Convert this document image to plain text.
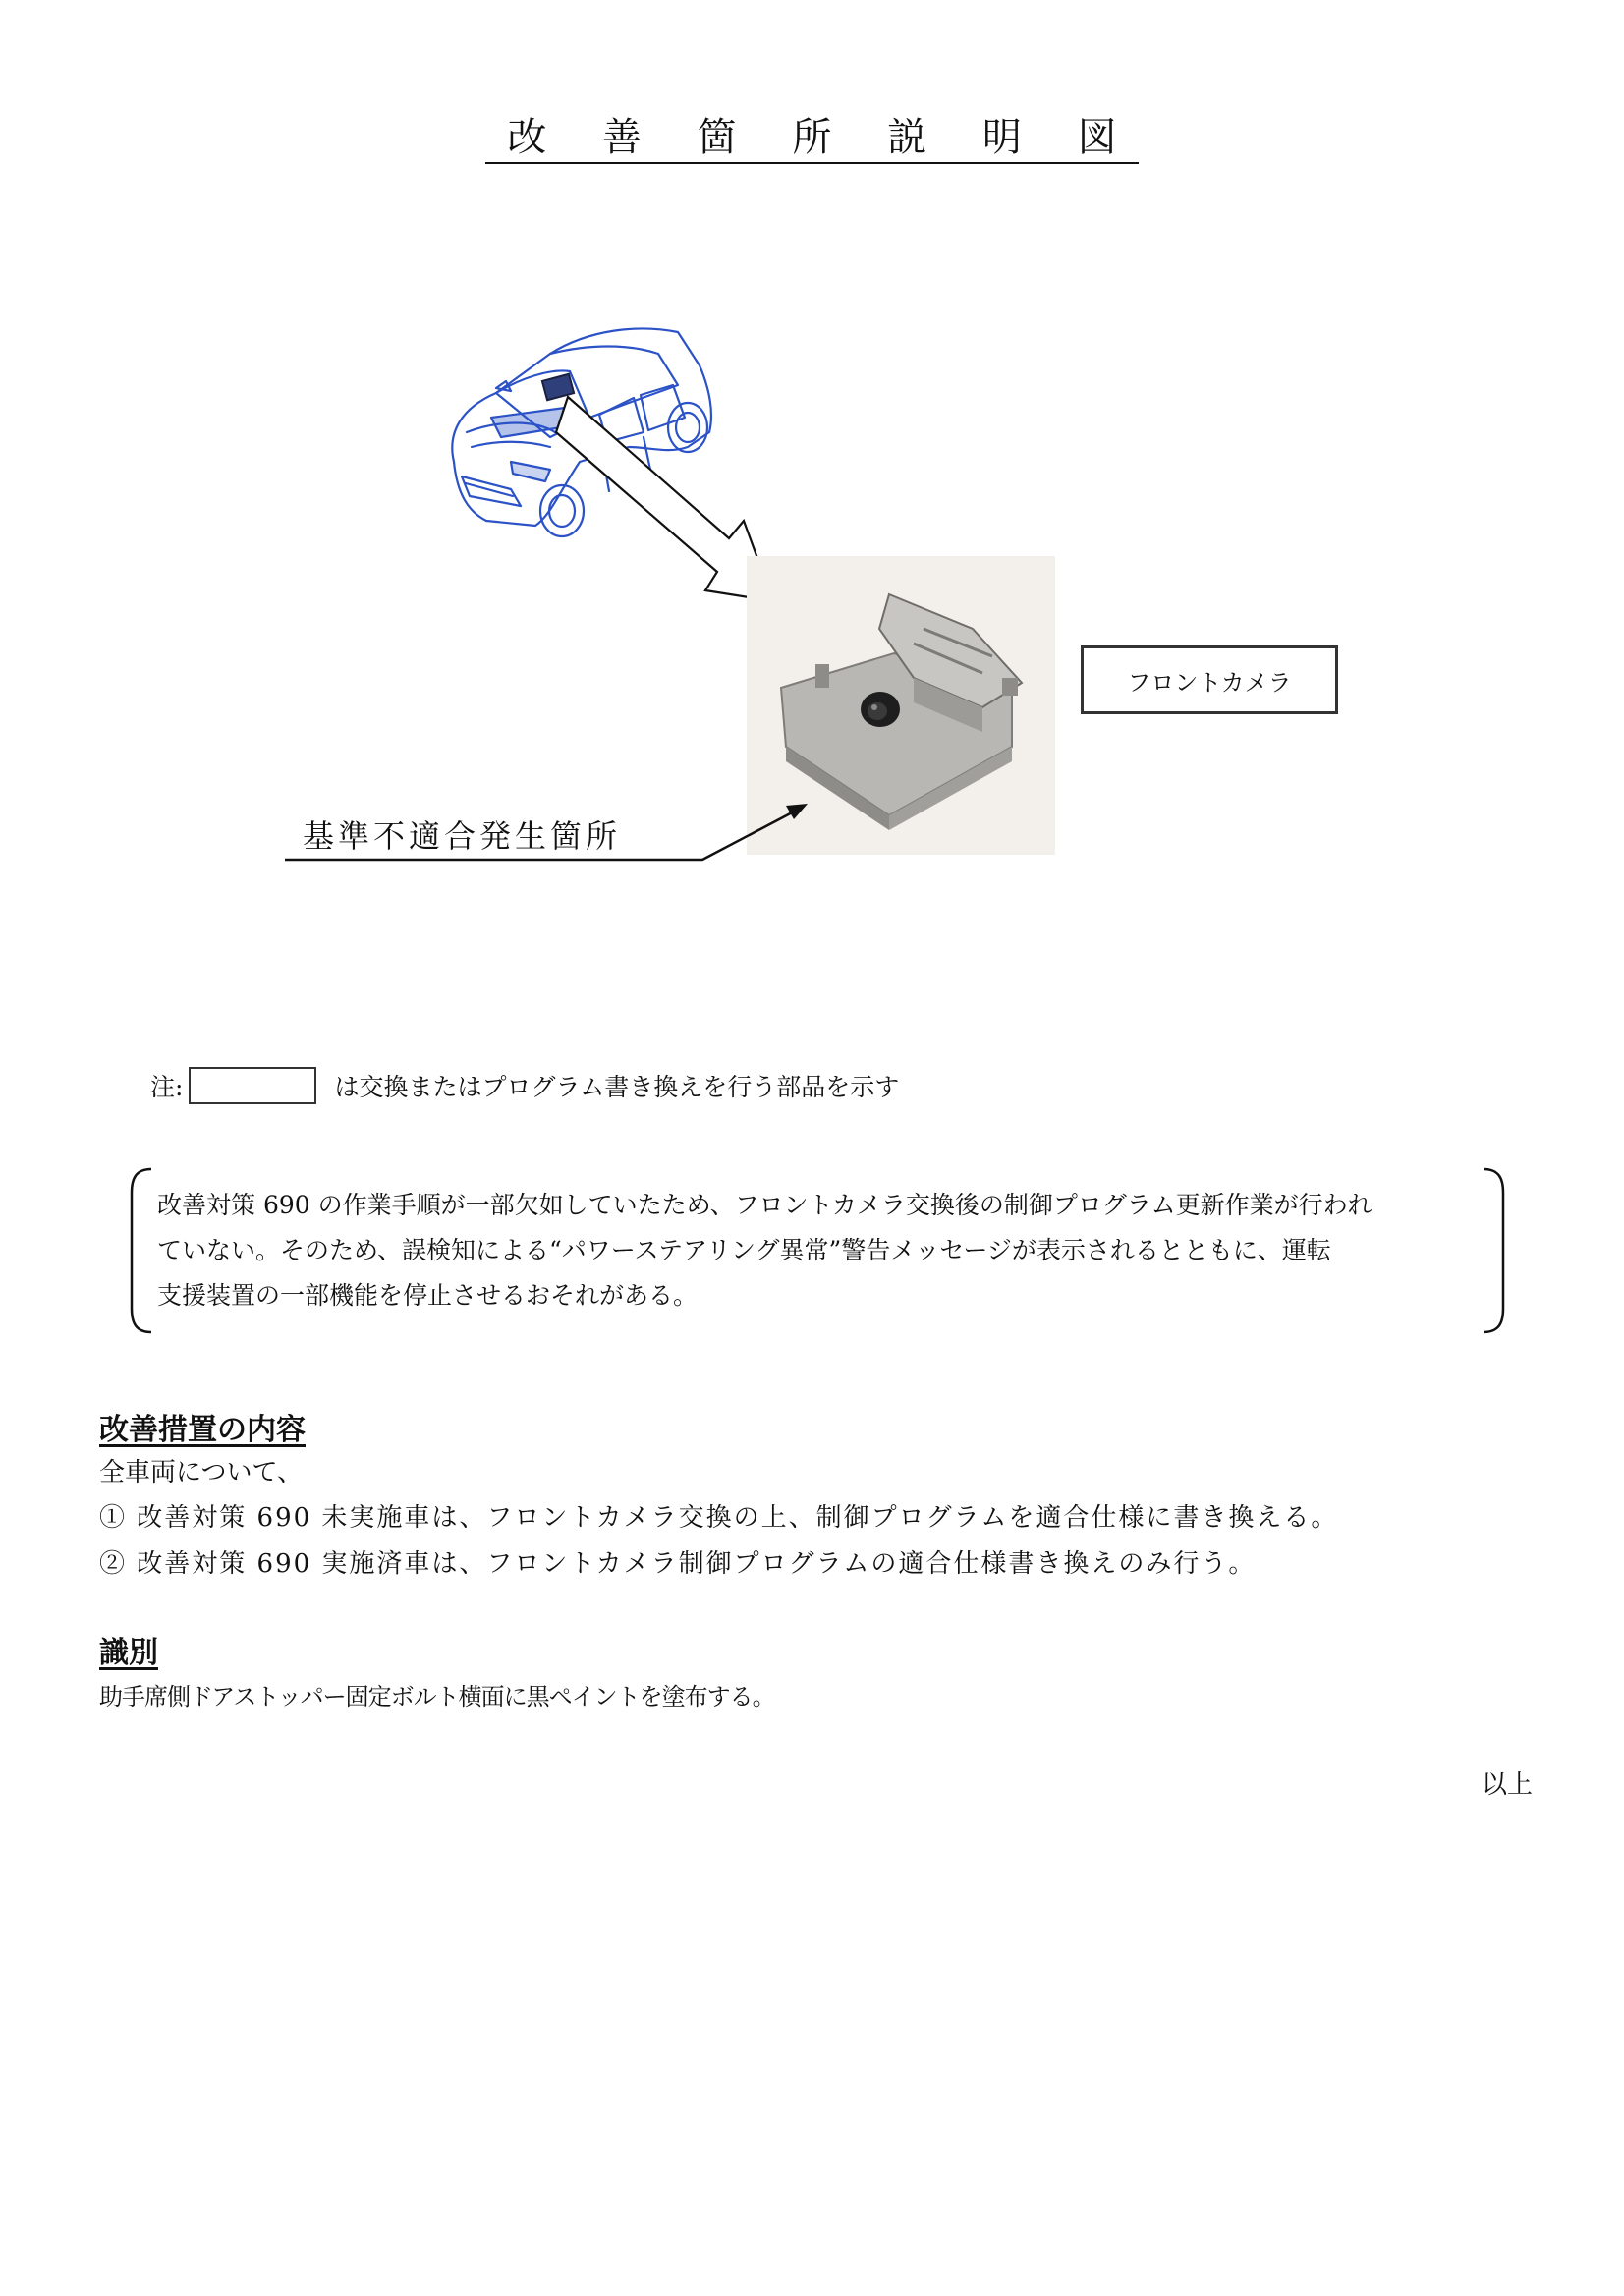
改 善 箇 所 説 明 図
フロントカメラ
基準不適合発生箇所
注:	は交換またはプログラム書き換えを行う部品を示す
改善対策 690 の作業手順が一部欠如していたため、フロントカメラ交換後の制御プログラム更新作業が行われ
ていない。そのため、誤検知による“パワーステアリング異常”警告メッセージが表示されるとともに、運転
支援装置の一部機能を停止させるおそれがある。
改善措置の内容
全車両について、
① 改善対策 690 未実施車は、フロントカメラ交換の上、制御プログラムを適合仕様に書き換える。
② 改善対策 690 実施済車は、フロントカメラ制御プログラムの適合仕様書き換えのみ行う。
識別
助手席側ドアストッパー固定ボルト横面に黒ペイントを塗布する。
以上
